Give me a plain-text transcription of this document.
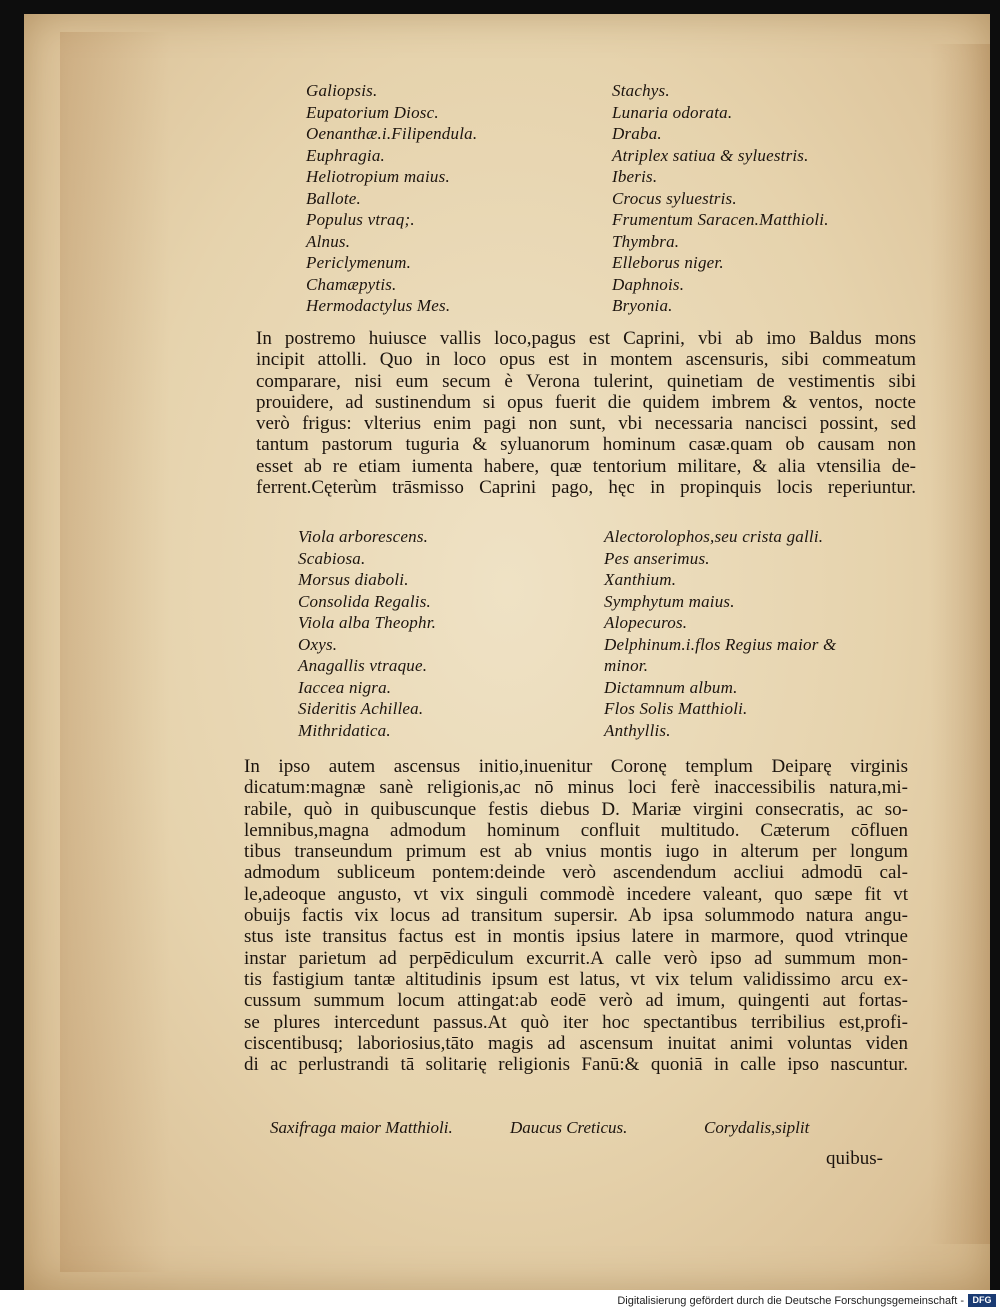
Galiopsis.
Eupatorium Diosc.
Oenanthæ.i.Filipendula.
Euphragia.
Heliotropium maius.
Ballote.
Populus vtraq;.
Alnus.
Periclymenum.
Chamæpytis.
Hermodactylus Mes.
Stachys.
Lunaria odorata.
Draba.
Atriplex satiua & syluestris.
Iberis.
Crocus syluestris.
Frumentum Saracen.Matthioli.
Thymbra.
Elleborus niger.
Daphnois.
Bryonia.
In postremo huiusce vallis loco,pagus est Caprini, vbi ab imo Baldus mons
incipit attolli. Quo in loco opus est in montem ascensuris, sibi commeatum
comparare, nisi eum secum è Verona tulerint, quinetiam de vestimentis sibi
prouidere, ad sustinendum si opus fuerit die quidem imbrem & ventos, nocte
verò frigus: vlterius enim pagi non sunt, vbi necessaria nancisci possint, sed
tantum pastorum tuguria & syluanorum hominum casæ.quam ob causam non
esset ab re etiam iumenta habere, quæ tentorium militare, & alia vtensilia de-
ferrent.Cęterùm trāsmisso Caprini pago, hęc in propinquis locis reperiuntur.
Viola arborescens.
Scabiosa.
Morsus diaboli.
Consolida Regalis.
Viola alba Theophr.
Oxys.
Anagallis vtraque.
Iaccea nigra.
Sideritis Achillea.
Mithridatica.
Alectorolophos,seu crista galli.
Pes anserimus.
Xanthium.
Symphytum maius.
Alopecuros.
Delphinum.i.flos Regius maior &
minor.
Dictamnum album.
Flos Solis Matthioli.
Anthyllis.
In ipso autem ascensus initio,inuenitur Coronę templum Deiparę virginis
dicatum:magnæ sanè religionis,ac nō minus loci ferè inaccessibilis natura,mi-
rabile, quò in quibuscunque festis diebus D. Mariæ virgini consecratis, ac so-
lemnibus,magna admodum hominum confluit multitudo. Cæterum cōfluen
tibus transeundum primum est ab vnius montis iugo in alterum per longum
admodum sublicеum pontem:deinde verò ascendendum accliui admodū cal-
le,adeoque angusto, vt vix singuli commodè incedere valeant, quo sæpe fit vt
obuijs factis vix locus ad transitum supersir. Ab ipsa solummodo natura angu-
stus iste transitus factus est in montis ipsius latere in marmore, quod vtrinque
instar parietum ad perpēdiculum excurrit.A calle verò ipso ad summum mon-
tis fastigium tantæ altitudinis ipsum est latus, vt vix telum validissimo arcu ex-
cussum summum locum attingat:ab eodē verò ad imum, quingenti aut fortas-
se plures intercedunt passus.At quò iter hoc spectantibus terribilius est,profi-
ciscentibusq; laboriosius,tāto magis ad ascensum inuitat animi voluntas viden
di ac perlustrandi tā solitarię religionis Fanū:& quoniā in calle ipso nascuntur.
Saxifraga maior Matthioli.	Daucus Creticus.	Corydalis,siplit
quibus-
Digitalisierung gefördert durch die Deutsche Forschungsgemeinschaft - DFG
